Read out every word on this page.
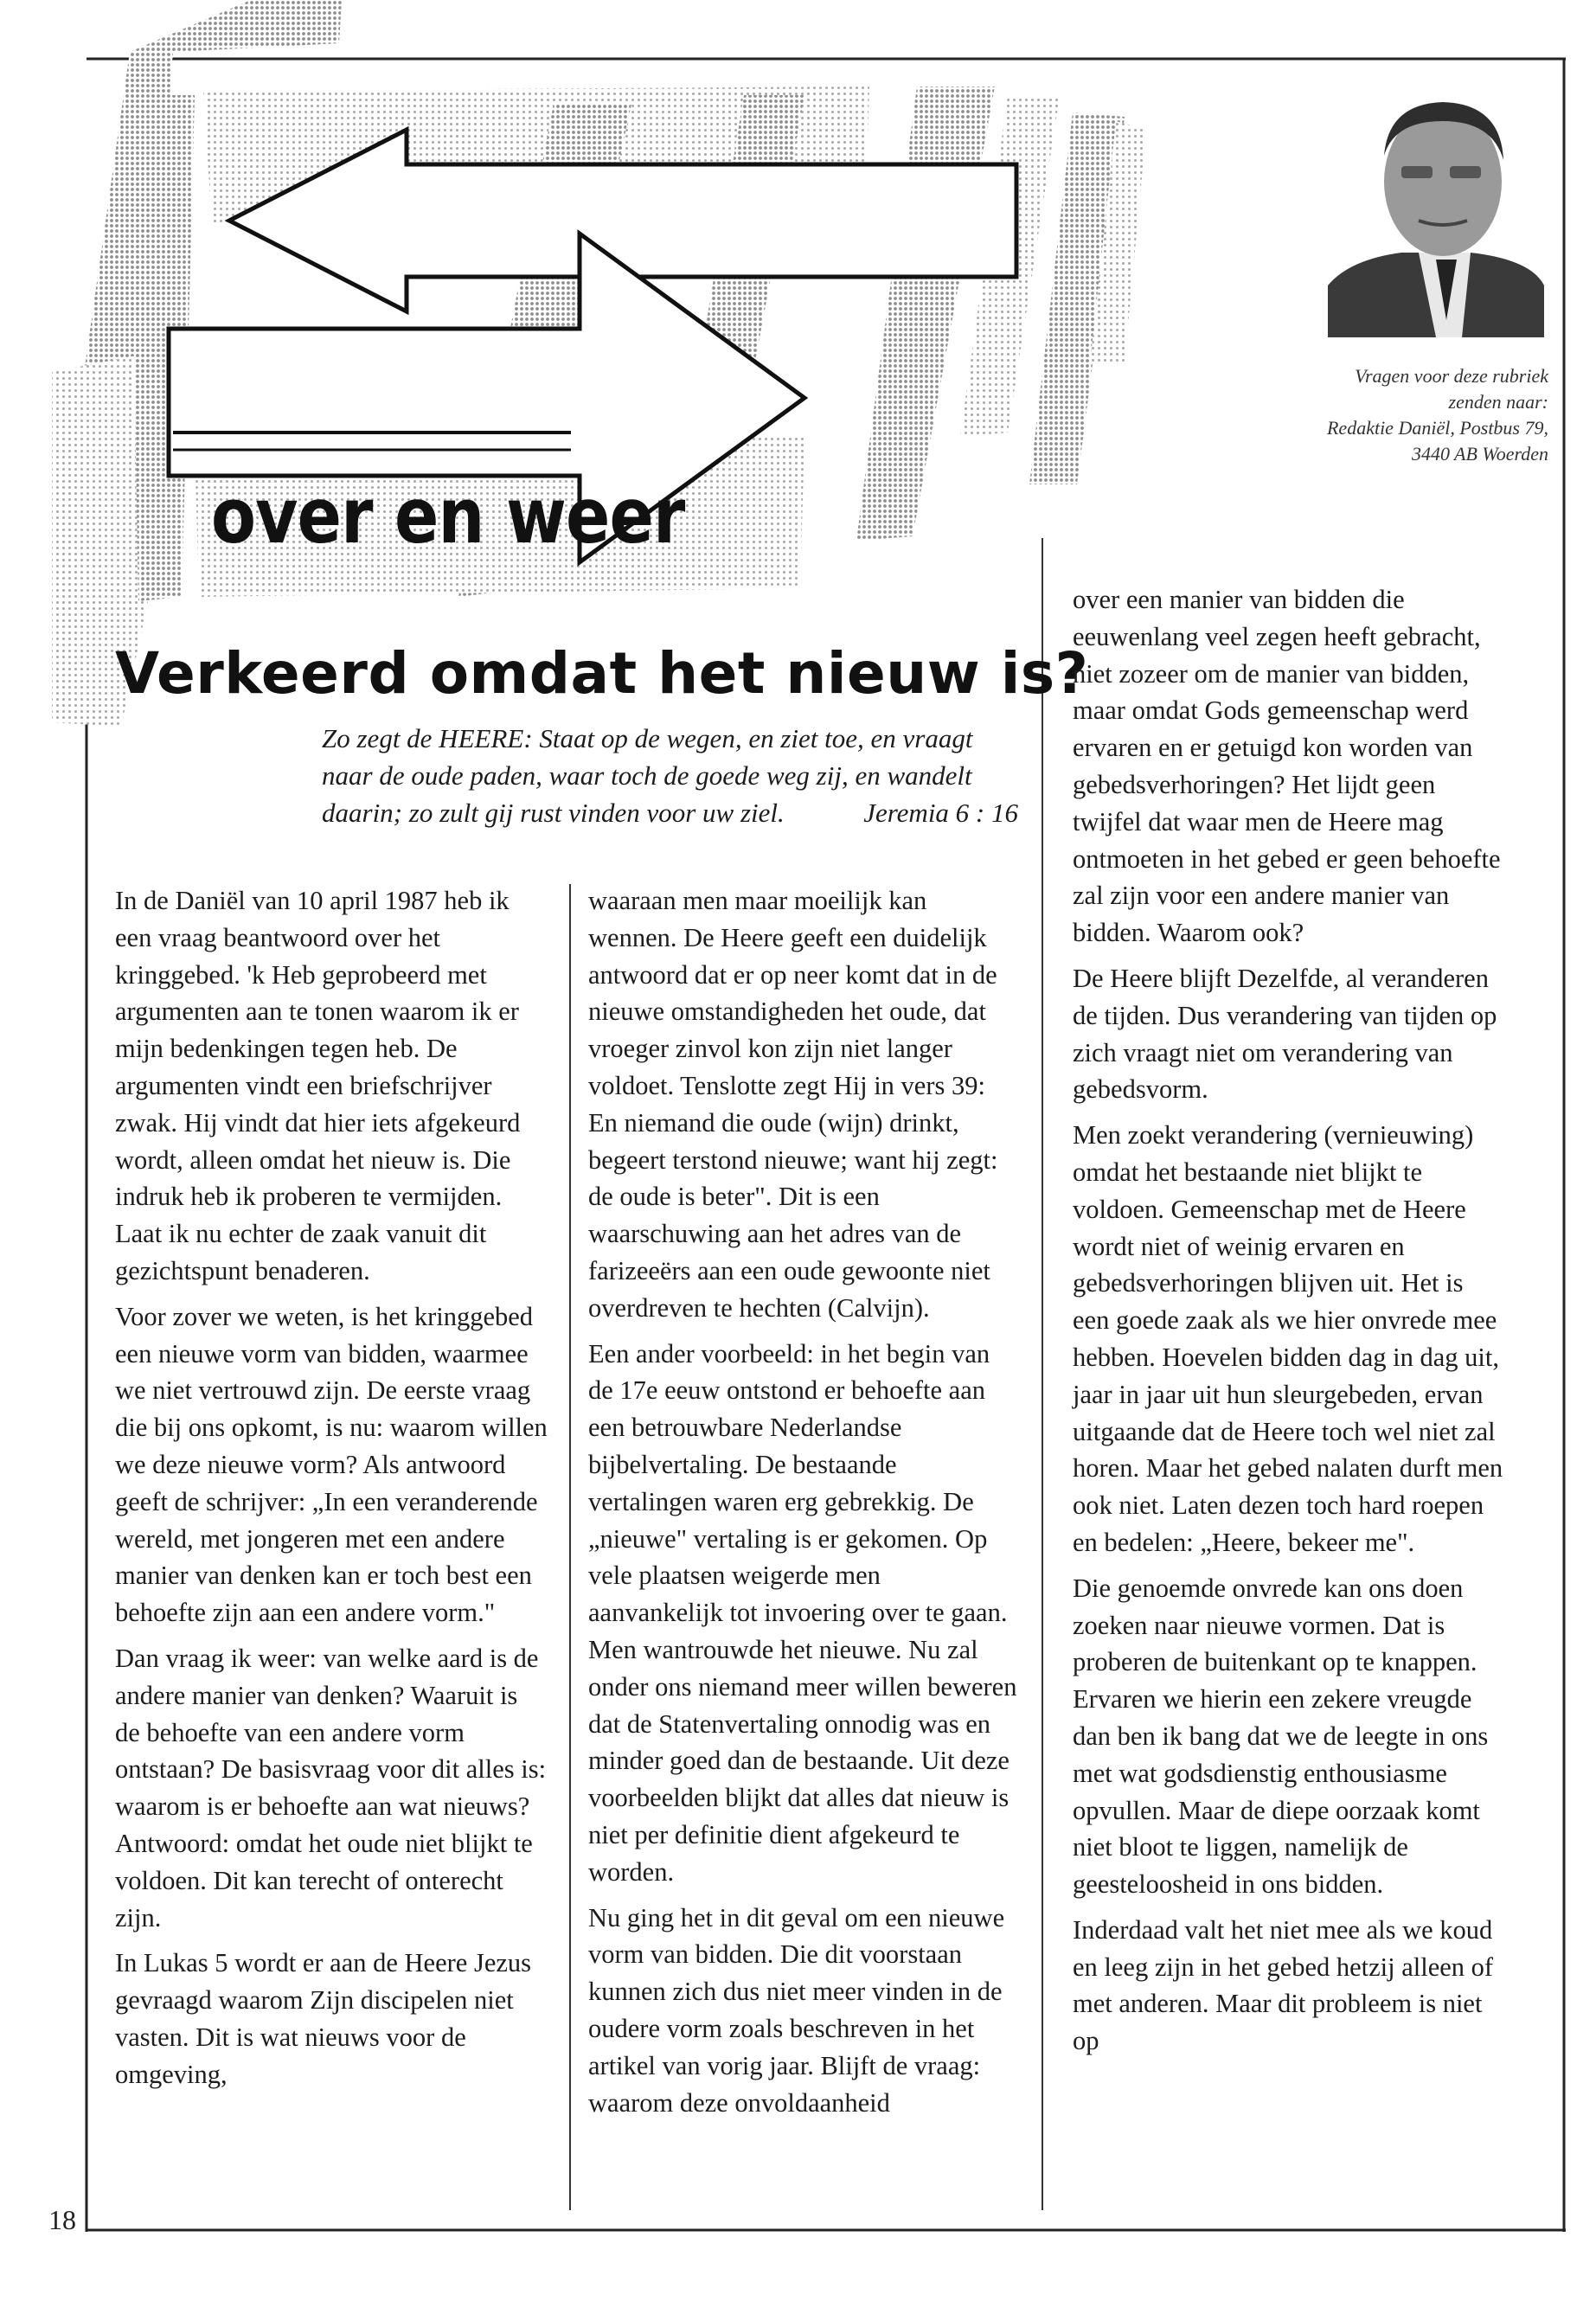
over en weer
Vragen voor deze rubriek
zenden naar:
Redaktie Daniël, Postbus 79,
3440 AB Woerden
Verkeerd omdat het nieuw is?
Zo zegt de HEERE: Staat op de wegen, en ziet toe, en vraagt naar de oude paden, waar toch de goede weg zij, en wandelt daarin; zo zult gij rust vinden voor uw ziel.	Jeremia 6 : 16

In de Daniël van 10 april 1987 heb ik een vraag beantwoord over het kringgebed. 'k Heb geprobeerd met argumenten aan te tonen waarom ik er mijn bedenkingen tegen heb. De argumenten vindt een briefschrijver zwak. Hij vindt dat hier iets afgekeurd wordt, alleen omdat het nieuw is. Die indruk heb ik proberen te vermijden. Laat ik nu echter de zaak vanuit dit gezichtspunt benaderen.

Voor zover we weten, is het kringgebed een nieuwe vorm van bidden, waarmee we niet vertrouwd zijn. De eerste vraag die bij ons opkomt, is nu: waarom willen we deze nieuwe vorm? Als antwoord geeft de schrijver: „In een veranderende wereld, met jongeren met een andere manier van denken kan er toch best een behoefte zijn aan een andere vorm."

Dan vraag ik weer: van welke aard is de andere manier van denken? Waaruit is de behoefte van een andere vorm ontstaan? De basisvraag voor dit alles is: waarom is er behoefte aan wat nieuws? Antwoord: omdat het oude niet blijkt te voldoen. Dit kan terecht of onterecht zijn.

In Lukas 5 wordt er aan de Heere Jezus gevraagd waarom Zijn discipelen niet vasten. Dit is wat nieuws voor de omgeving,

waaraan men maar moeilijk kan wennen. De Heere geeft een duidelijk antwoord dat er op neer komt dat in de nieuwe omstandigheden het oude, dat vroeger zinvol kon zijn niet langer voldoet. Tenslotte zegt Hij in vers 39: En niemand die oude (wijn) drinkt, begeert terstond nieuwe; want hij zegt: de oude is beter". Dit is een waarschuwing aan het adres van de farizeeërs aan een oude gewoonte niet overdreven te hechten (Calvijn).

Een ander voorbeeld: in het begin van de 17e eeuw ontstond er behoefte aan een betrouwbare Nederlandse bijbelvertaling. De bestaande vertalingen waren erg gebrekkig. De „nieuwe" vertaling is er gekomen. Op vele plaatsen weigerde men aanvankelijk tot invoering over te gaan. Men wantrouwde het nieuwe. Nu zal onder ons niemand meer willen beweren dat de Statenvertaling onnodig was en minder goed dan de bestaande. Uit deze voorbeelden blijkt dat alles dat nieuw is niet per definitie dient afgekeurd te worden.

Nu ging het in dit geval om een nieuwe vorm van bidden. Die dit voorstaan kunnen zich dus niet meer vinden in de oudere vorm zoals beschreven in het artikel van vorig jaar. Blijft de vraag: waarom deze onvoldaanheid

over een manier van bidden die eeuwenlang veel zegen heeft gebracht, niet zozeer om de manier van bidden, maar omdat Gods gemeenschap werd ervaren en er getuigd kon worden van gebedsverhoringen? Het lijdt geen twijfel dat waar men de Heere mag ontmoeten in het gebed er geen behoefte zal zijn voor een andere manier van bidden. Waarom ook?

De Heere blijft Dezelfde, al veranderen de tijden. Dus verandering van tijden op zich vraagt niet om verandering van gebedsvorm.

Men zoekt verandering (vernieuwing) omdat het bestaande niet blijkt te voldoen. Gemeenschap met de Heere wordt niet of weinig ervaren en gebedsverhoringen blijven uit. Het is een goede zaak als we hier onvrede mee hebben. Hoevelen bidden dag in dag uit, jaar in jaar uit hun sleurgebeden, ervan uitgaande dat de Heere toch wel niet zal horen. Maar het gebed nalaten durft men ook niet. Laten dezen toch hard roepen en bedelen: „Heere, bekeer me".

Die genoemde onvrede kan ons doen zoeken naar nieuwe vormen. Dat is proberen de buitenkant op te knappen. Ervaren we hierin een zekere vreugde dan ben ik bang dat we de leegte in ons met wat godsdienstig enthousiasme opvullen. Maar de diepe oorzaak komt niet bloot te liggen, namelijk de geesteloosheid in ons bidden.

Inderdaad valt het niet mee als we koud en leeg zijn in het gebed hetzij alleen of met anderen. Maar dit probleem is niet op

18
